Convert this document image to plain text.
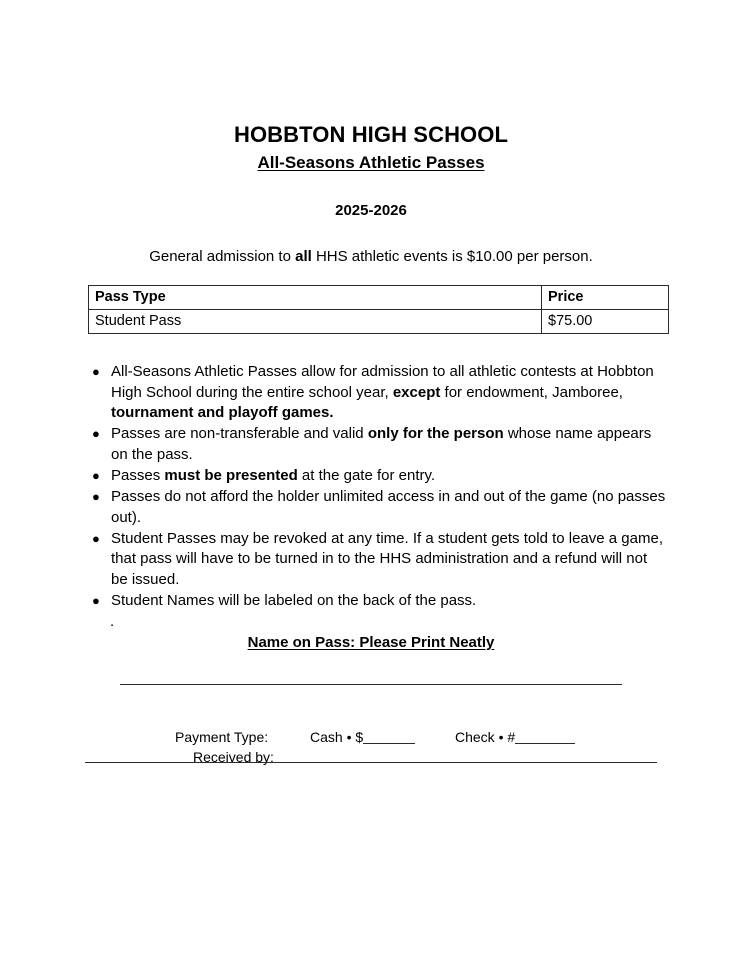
HOBBTON HIGH SCHOOL
All-Seasons Athletic Passes
2025-2026
General admission to all HHS athletic events is $10.00 per person.
Pass Type	Price
Student Pass	$75.00
● All-Seasons Athletic Passes allow for admission to all athletic contests at Hobbton High School during the entire school year, except for endowment, Jamboree, tournament and playoff games.
● Passes are non-transferable and valid only for the person whose name appears on the pass.
● Passes must be presented at the gate for entry.
● Passes do not afford the holder unlimited access in and out of the game (no passes out).
● Student Passes may be revoked at any time. If a student gets told to leave a game, that pass will have to be turned in to the HHS administration and a refund will not be issued.
● Student Names will be labeled on the back of the pass.
.
Name on Pass: Please Print Neatly
Payment Type:	Cash • $	Check • #
Received by:
